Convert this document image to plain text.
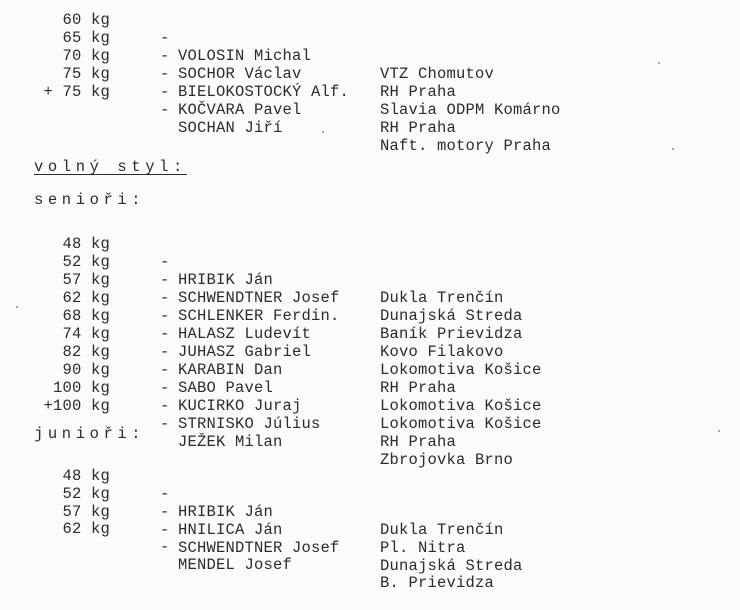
60 kg

-

VOLOSIN Michal

VTZ Chomutov

65 kg

-

SOCHOR Václav

RH Praha

70 kg

-

BIELOKOSTOCKÝ Alf.

Slavia ODPM Komárno

75 kg

-

KOČVARA Pavel

RH Praha

+ 75 kg

-

SOCHAN Jiří

Naft. motory Praha

volný styl:
senioři:

48 kg

-

HRIBIK Ján

Dukla Trenčín

52 kg

-

SCHWENDTNER Josef

Dunajská Streda

57 kg

-

SCHLENKER Ferdin.

Baník Prievidza

62 kg

-

HALASZ Ludevít

Kovo Filakovo

68 kg

-

JUHASZ Gabriel

Lokomotiva Košice

74 kg

-

KARABIN Dan

RH Praha

82 kg

-

SABO Pavel

Lokomotiva Košice

90 kg

-

KUCIRKO Juraj

Lokomotiva Košice

100 kg

-

STRNISKO Július

RH Praha

+100 kg

-

JEŽEK Milan

Zbrojovka Brno

junioři:

48 kg

-

HRIBIK Ján

Dukla Trenčín

52 kg

-

HNILICA Ján

Pl. Nitra

57 kg

-

SCHWENDTNER Josef

Dunajská Streda

62 kg

-

MENDEL Josef

B. Prievidza
